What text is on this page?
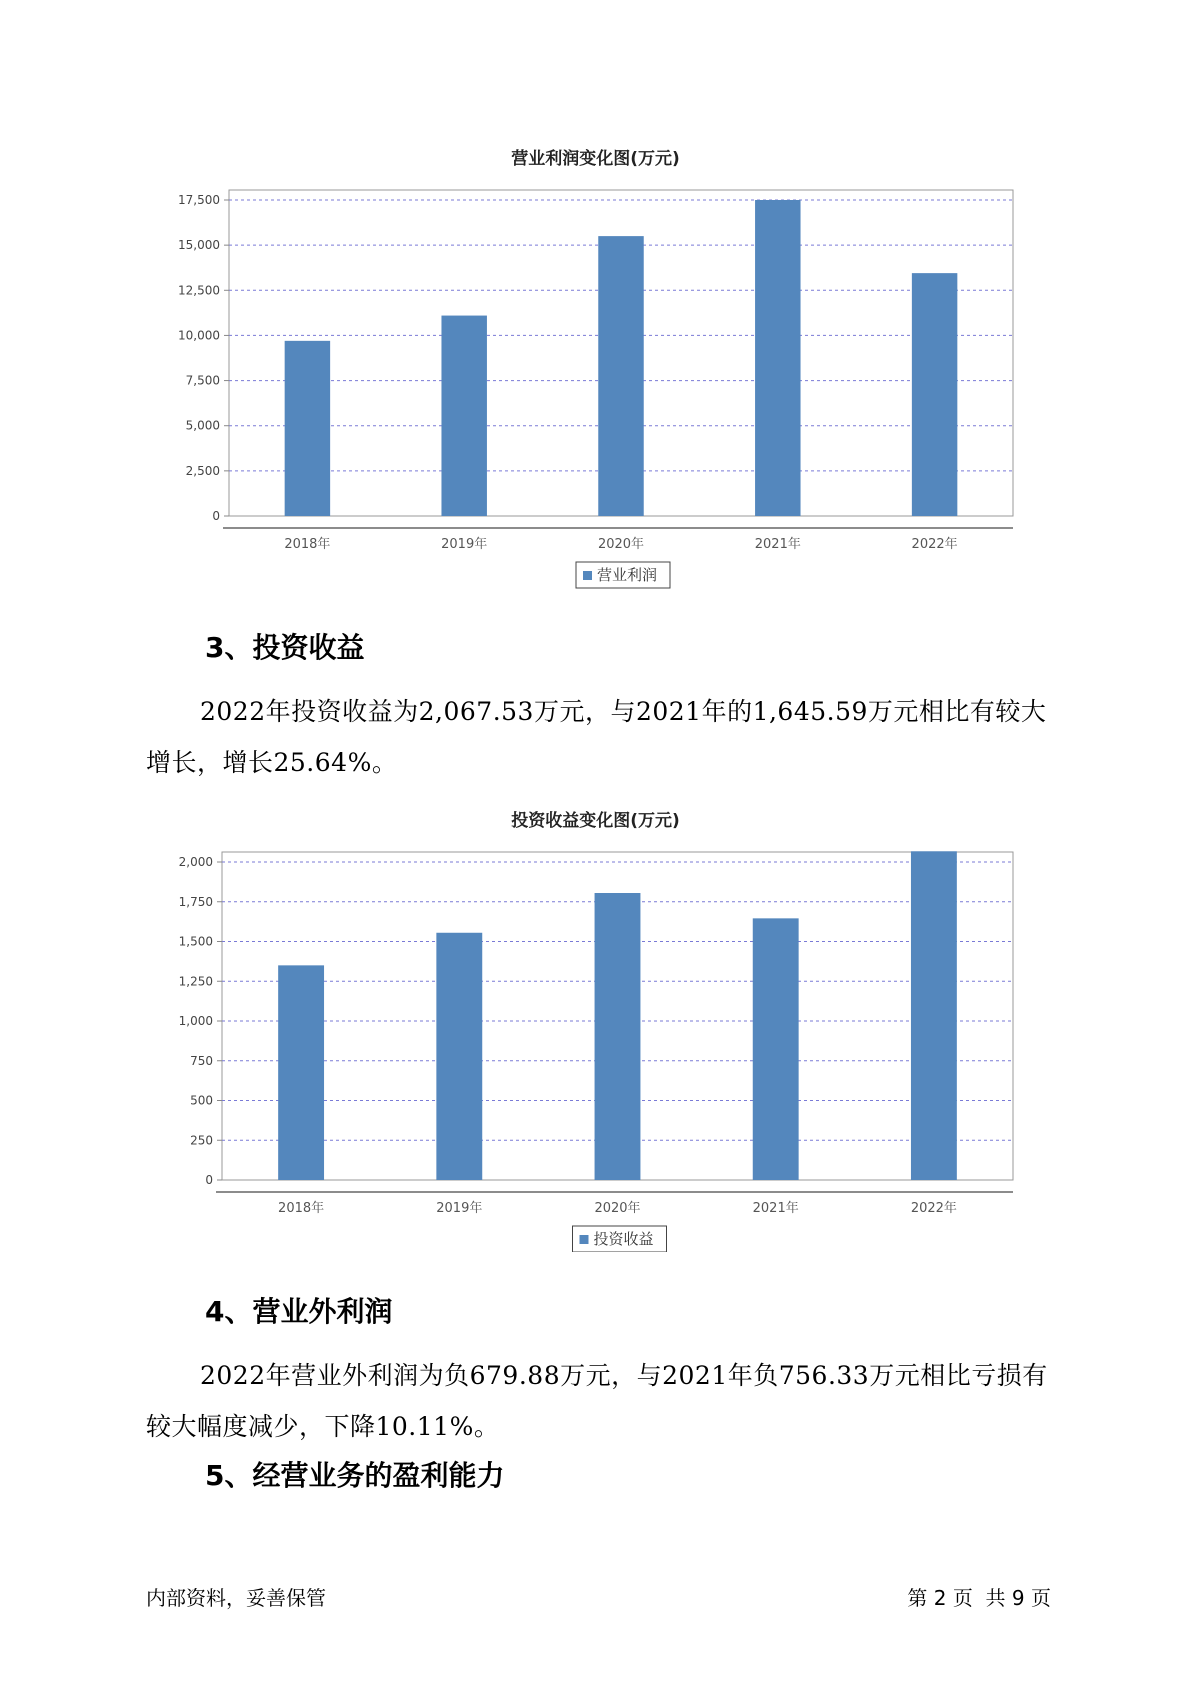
营业利润变化图(万元)
0
2,500
5,000
7,500
10,000
12,500
15,000
17,500
2018年	2019年	2020年	2021年	2022年
营业利润
3、投资收益

2022年投资收益为2,067.53万元，与2021年的1,645.59万元相比有较大增长，增长25.64%。

投资收益变化图(万元)
0
250
500
750
1,000
1,250
1,500
1,750
2,000
2018年	2019年	2020年	2021年	2022年
投资收益
4、营业外利润

2022年营业外利润为负679.88万元，与2021年负756.33万元相比亏损有较大幅度减少，下降10.11%。

5、经营业务的盈利能力
内部资料，妥善保管	第 2 页  共 9 页
